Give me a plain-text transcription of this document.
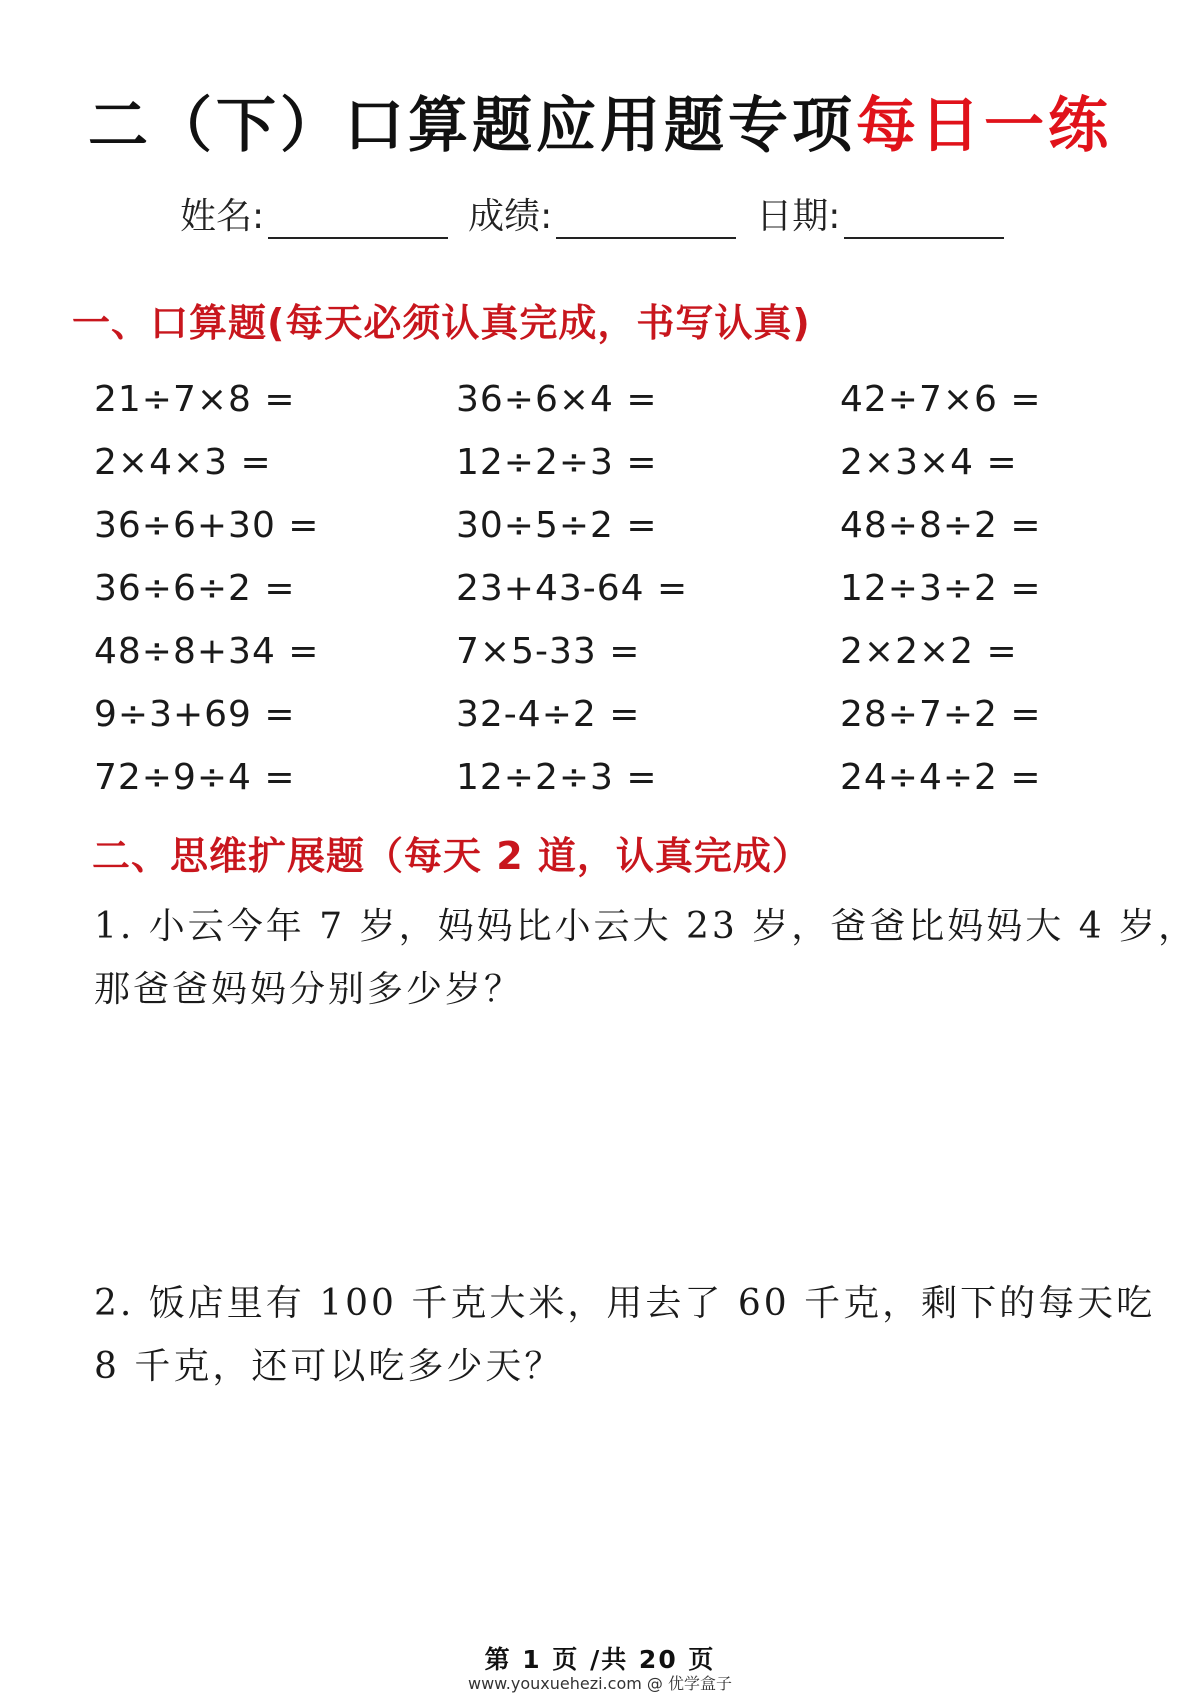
二（下）口算题应用题专项每日一练
姓名:	成绩:	日期:
一、口算题(每天必须认真完成，书写认真)
21÷7×8 =	36÷6×4 =	42÷7×6 =
2×4×3 =	12÷2÷3 =	2×3×4 =
36÷6+30 =	30÷5÷2 =	48÷8÷2 =
36÷6÷2 =	23+43-64 =	12÷3÷2 =
48÷8+34 =	7×5-33 =	2×2×2 =
9÷3+69 =	32-4÷2 =	28÷7÷2 =
72÷9÷4 =	12÷2÷3 =	24÷4÷2 =
二、思维扩展题（每天 2 道，认真完成）
1. 小云今年 7 岁，妈妈比小云大 23 岁，爸爸比妈妈大 4 岁，
那爸爸妈妈分别多少岁？
2. 饭店里有 100 千克大米，用去了 60 千克，剩下的每天吃
8 千克，还可以吃多少天？
第 1 页 /共 20 页
www.youxuehezi.com @ 优学盒子
